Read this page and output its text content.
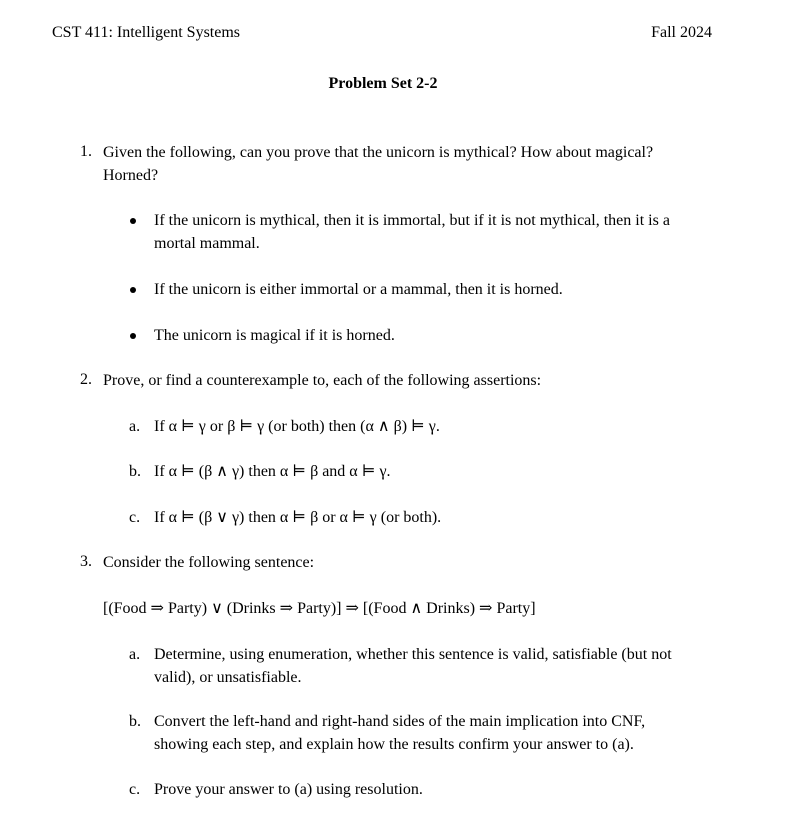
CST 411: Intelligent Systems	Fall 2024
Problem Set 2-2
1. Given the following, can you prove that the unicorn is mythical? How about magical?
Horned?
If the unicorn is mythical, then it is immortal, but if it is not mythical, then it is a
mortal mammal.
If the unicorn is either immortal or a mammal, then it is horned.
The unicorn is magical if it is horned.
2. Prove, or find a counterexample to, each of the following assertions:
a. If α ⊨ γ or β ⊨ γ (or both) then (α ∧ β) ⊨ γ.
b. If α ⊨ (β ∧ γ) then α ⊨ β and α ⊨ γ.
c. If α ⊨ (β ∨ γ) then α ⊨ β or α ⊨ γ (or both).
3. Consider the following sentence:
[(Food ⇒ Party) ∨ (Drinks ⇒ Party)] ⇒ [(Food ∧ Drinks) ⇒ Party]
a. Determine, using enumeration, whether this sentence is valid, satisfiable (but not
valid), or unsatisfiable.
b. Convert the left-hand and right-hand sides of the main implication into CNF,
showing each step, and explain how the results confirm your answer to (a).
c. Prove your answer to (a) using resolution.
